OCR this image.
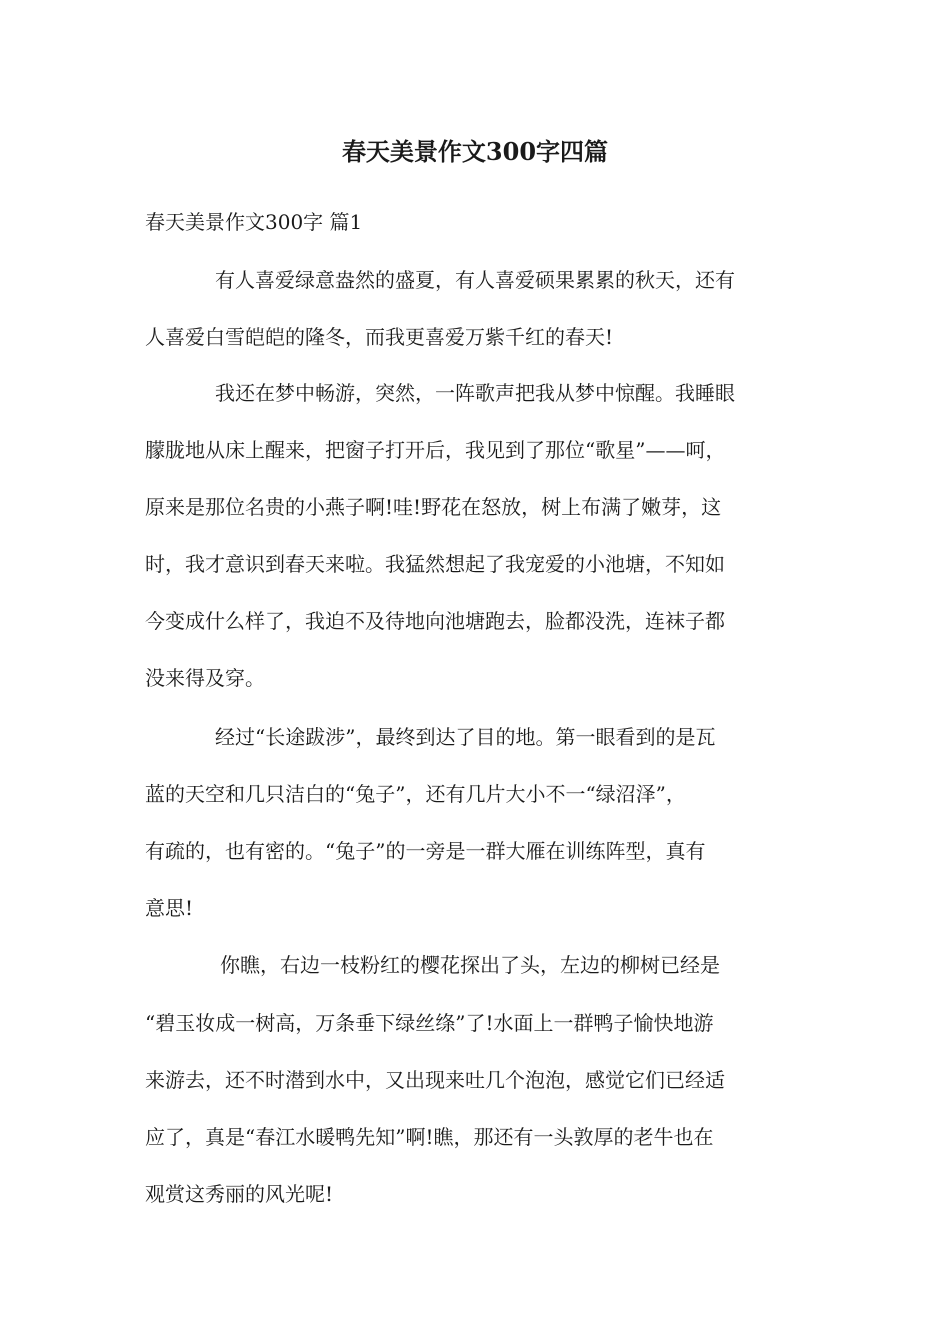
春天美景作文300字四篇

春天美景作文300字 篇1

有人喜爱绿意盎然的盛夏，有人喜爱硕果累累的秋天，还有

人喜爱白雪皑皑的隆冬，而我更喜爱万紫千红的春天!

我还在梦中畅游，突然，一阵歌声把我从梦中惊醒。我睡眼

朦胧地从床上醒来，把窗子打开后，我见到了那位“歌星”——呵，

原来是那位名贵的小燕子啊!哇!野花在怒放，树上布满了嫩芽，这

时，我才意识到春天来啦。我猛然想起了我宠爱的小池塘，不知如

今变成什么样了，我迫不及待地向池塘跑去，脸都没洗，连袜子都

没来得及穿。

经过“长途跋涉”，最终到达了目的地。第一眼看到的是瓦

蓝的天空和几只洁白的“兔子”，还有几片大小不一“绿沼泽”，

有疏的，也有密的。“兔子”的一旁是一群大雁在训练阵型，真有

意思!

你瞧，右边一枝粉红的樱花探出了头，左边的柳树已经是

“碧玉妆成一树高，万条垂下绿丝绦”了!水面上一群鸭子愉快地游

来游去，还不时潜到水中，又出现来吐几个泡泡，感觉它们已经适

应了，真是“春江水暖鸭先知”啊!瞧，那还有一头敦厚的老牛也在

观赏这秀丽的风光呢!
